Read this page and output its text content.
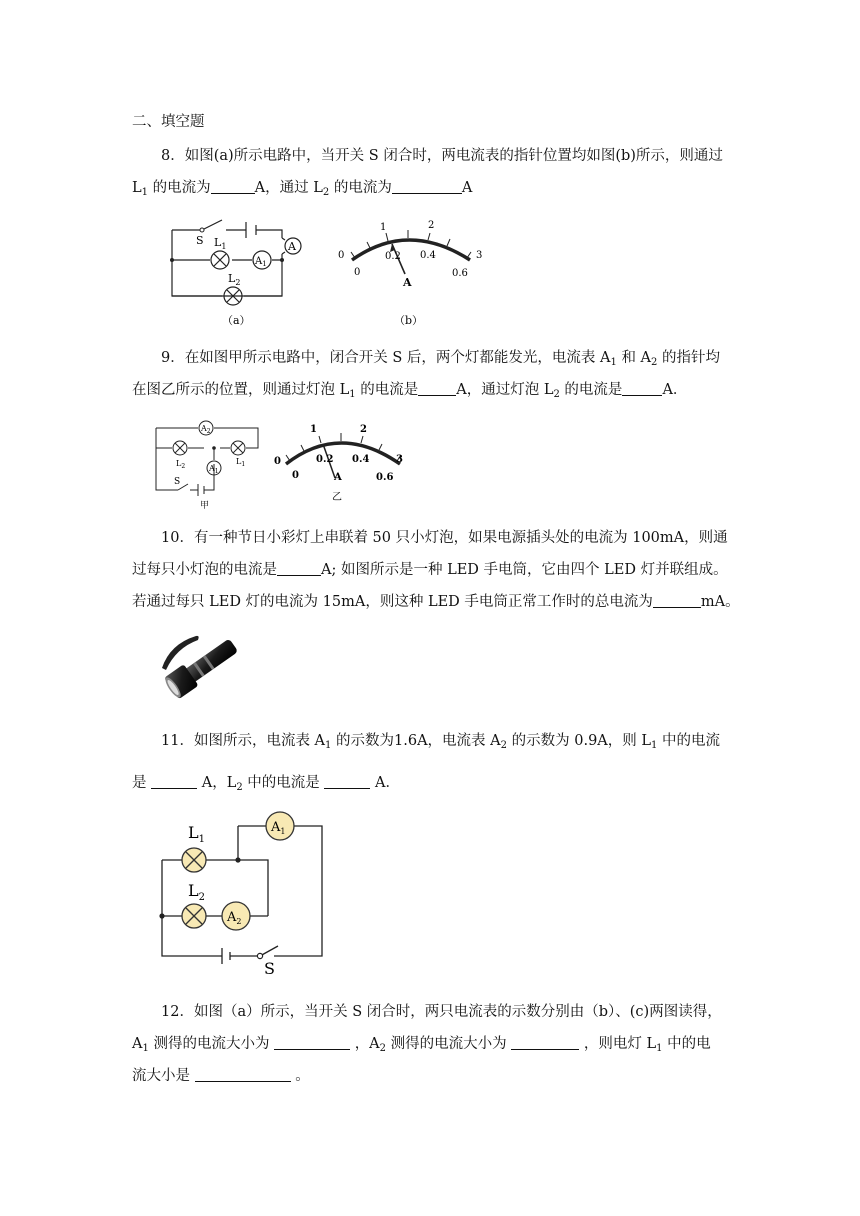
二、填空题
8．如图(a)所示电路中，当开关 S 闭合时，两电流表的指针位置均如图(b)所示，则通过
$L_1$ 的电流为	A，通过 $L_2$ 的电流为	A
S $L_1$
$L_2$
$A_1$
A
（a）
0
1	2
3
0
0.2 0.4
0.6
A
（b）
9．在如图甲所示电路中，闭合开关 S 后，两个灯都能发光，电流表 $A_1$ 和 $A_2$ 的指针均
在图乙所示的位置，则通过灯泡 $L_1$ 的电流是	A，通过灯泡 $L_2$ 的电流是	A．
$A_2$
$A_1$
$L_2$
$L_1$
S
甲
0
1	2
3
0
0.2 0.4
0.6
A
乙
10．有一种节日小彩灯上串联着 50 只小灯泡，如果电源插头处的电流为 100mA，则通
过每只小灯泡的电流是	A; 如图所示是一种 LED 手电筒，它由四个 LED 灯并联组成。
若通过每只 LED 灯的电流为 15mA，则这种 LED 手电筒正常工作时的总电流为	mA。
11．如图所示，电流表 $A_1$ 的示数为1.6A，电流表 $A_2$ 的示数为 0.9A，则 $L_1$ 中的电流
是	A，$L_2$ 中的电流是	A．
$L_1$
$L_2$
$A_1$
$A_2$
S
12．如图（a）所示，当开关 S 闭合时，两只电流表的示数分别由（b）、(c)两图读得，
$A_1$ 测得的电流大小为	，$A_2$ 测得的电流大小为	，则电灯 $L_1$ 中的电
流大小是	。
